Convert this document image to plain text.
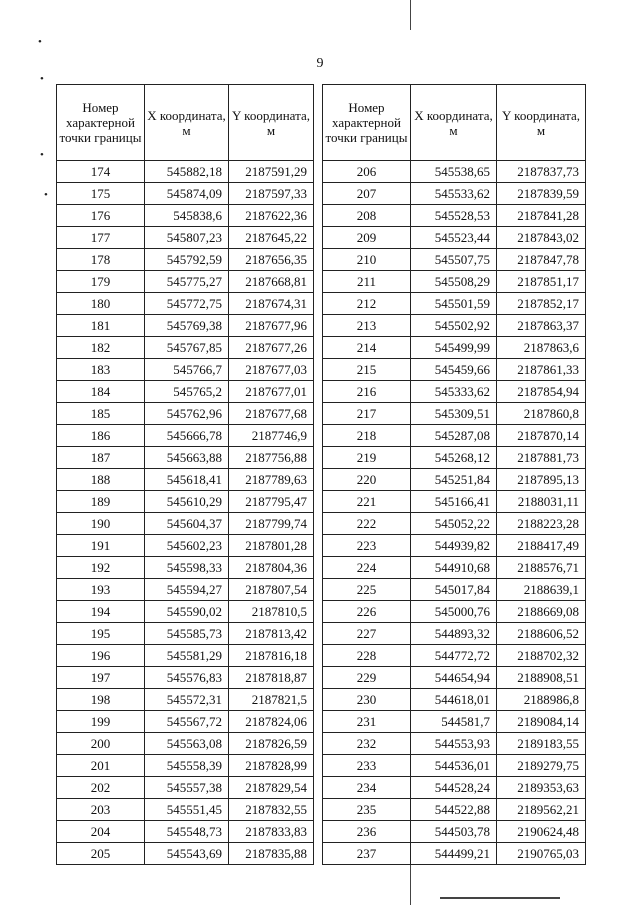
9
•
•
•
•
Номер характерной точки границы	X координата, м	Y координата, м
174	545882,18	2187591,29
175	545874,09	2187597,33
176	545838,6	2187622,36
177	545807,23	2187645,22
178	545792,59	2187656,35
179	545775,27	2187668,81
180	545772,75	2187674,31
181	545769,38	2187677,96
182	545767,85	2187677,26
183	545766,7	2187677,03
184	545765,2	2187677,01
185	545762,96	2187677,68
186	545666,78	2187746,9
187	545663,88	2187756,88
188	545618,41	2187789,63
189	545610,29	2187795,47
190	545604,37	2187799,74
191	545602,23	2187801,28
192	545598,33	2187804,36
193	545594,27	2187807,54
194	545590,02	2187810,5
195	545585,73	2187813,42
196	545581,29	2187816,18
197	545576,83	2187818,87
198	545572,31	2187821,5
199	545567,72	2187824,06
200	545563,08	2187826,59
201	545558,39	2187828,99
202	545557,38	2187829,54
203	545551,45	2187832,55
204	545548,73	2187833,83
205	545543,69	2187835,88
Номер характерной точки границы	X координата, м	Y координата, м
206	545538,65	2187837,73
207	545533,62	2187839,59
208	545528,53	2187841,28
209	545523,44	2187843,02
210	545507,75	2187847,78
211	545508,29	2187851,17
212	545501,59	2187852,17
213	545502,92	2187863,37
214	545499,99	2187863,6
215	545459,66	2187861,33
216	545333,62	2187854,94
217	545309,51	2187860,8
218	545287,08	2187870,14
219	545268,12	2187881,73
220	545251,84	2187895,13
221	545166,41	2188031,11
222	545052,22	2188223,28
223	544939,82	2188417,49
224	544910,68	2188576,71
225	545017,84	2188639,1
226	545000,76	2188669,08
227	544893,32	2188606,52
228	544772,72	2188702,32
229	544654,94	2188908,51
230	544618,01	2188986,8
231	544581,7	2189084,14
232	544553,93	2189183,55
233	544536,01	2189279,75
234	544528,24	2189353,63
235	544522,88	2189562,21
236	544503,78	2190624,48
237	544499,21	2190765,03
